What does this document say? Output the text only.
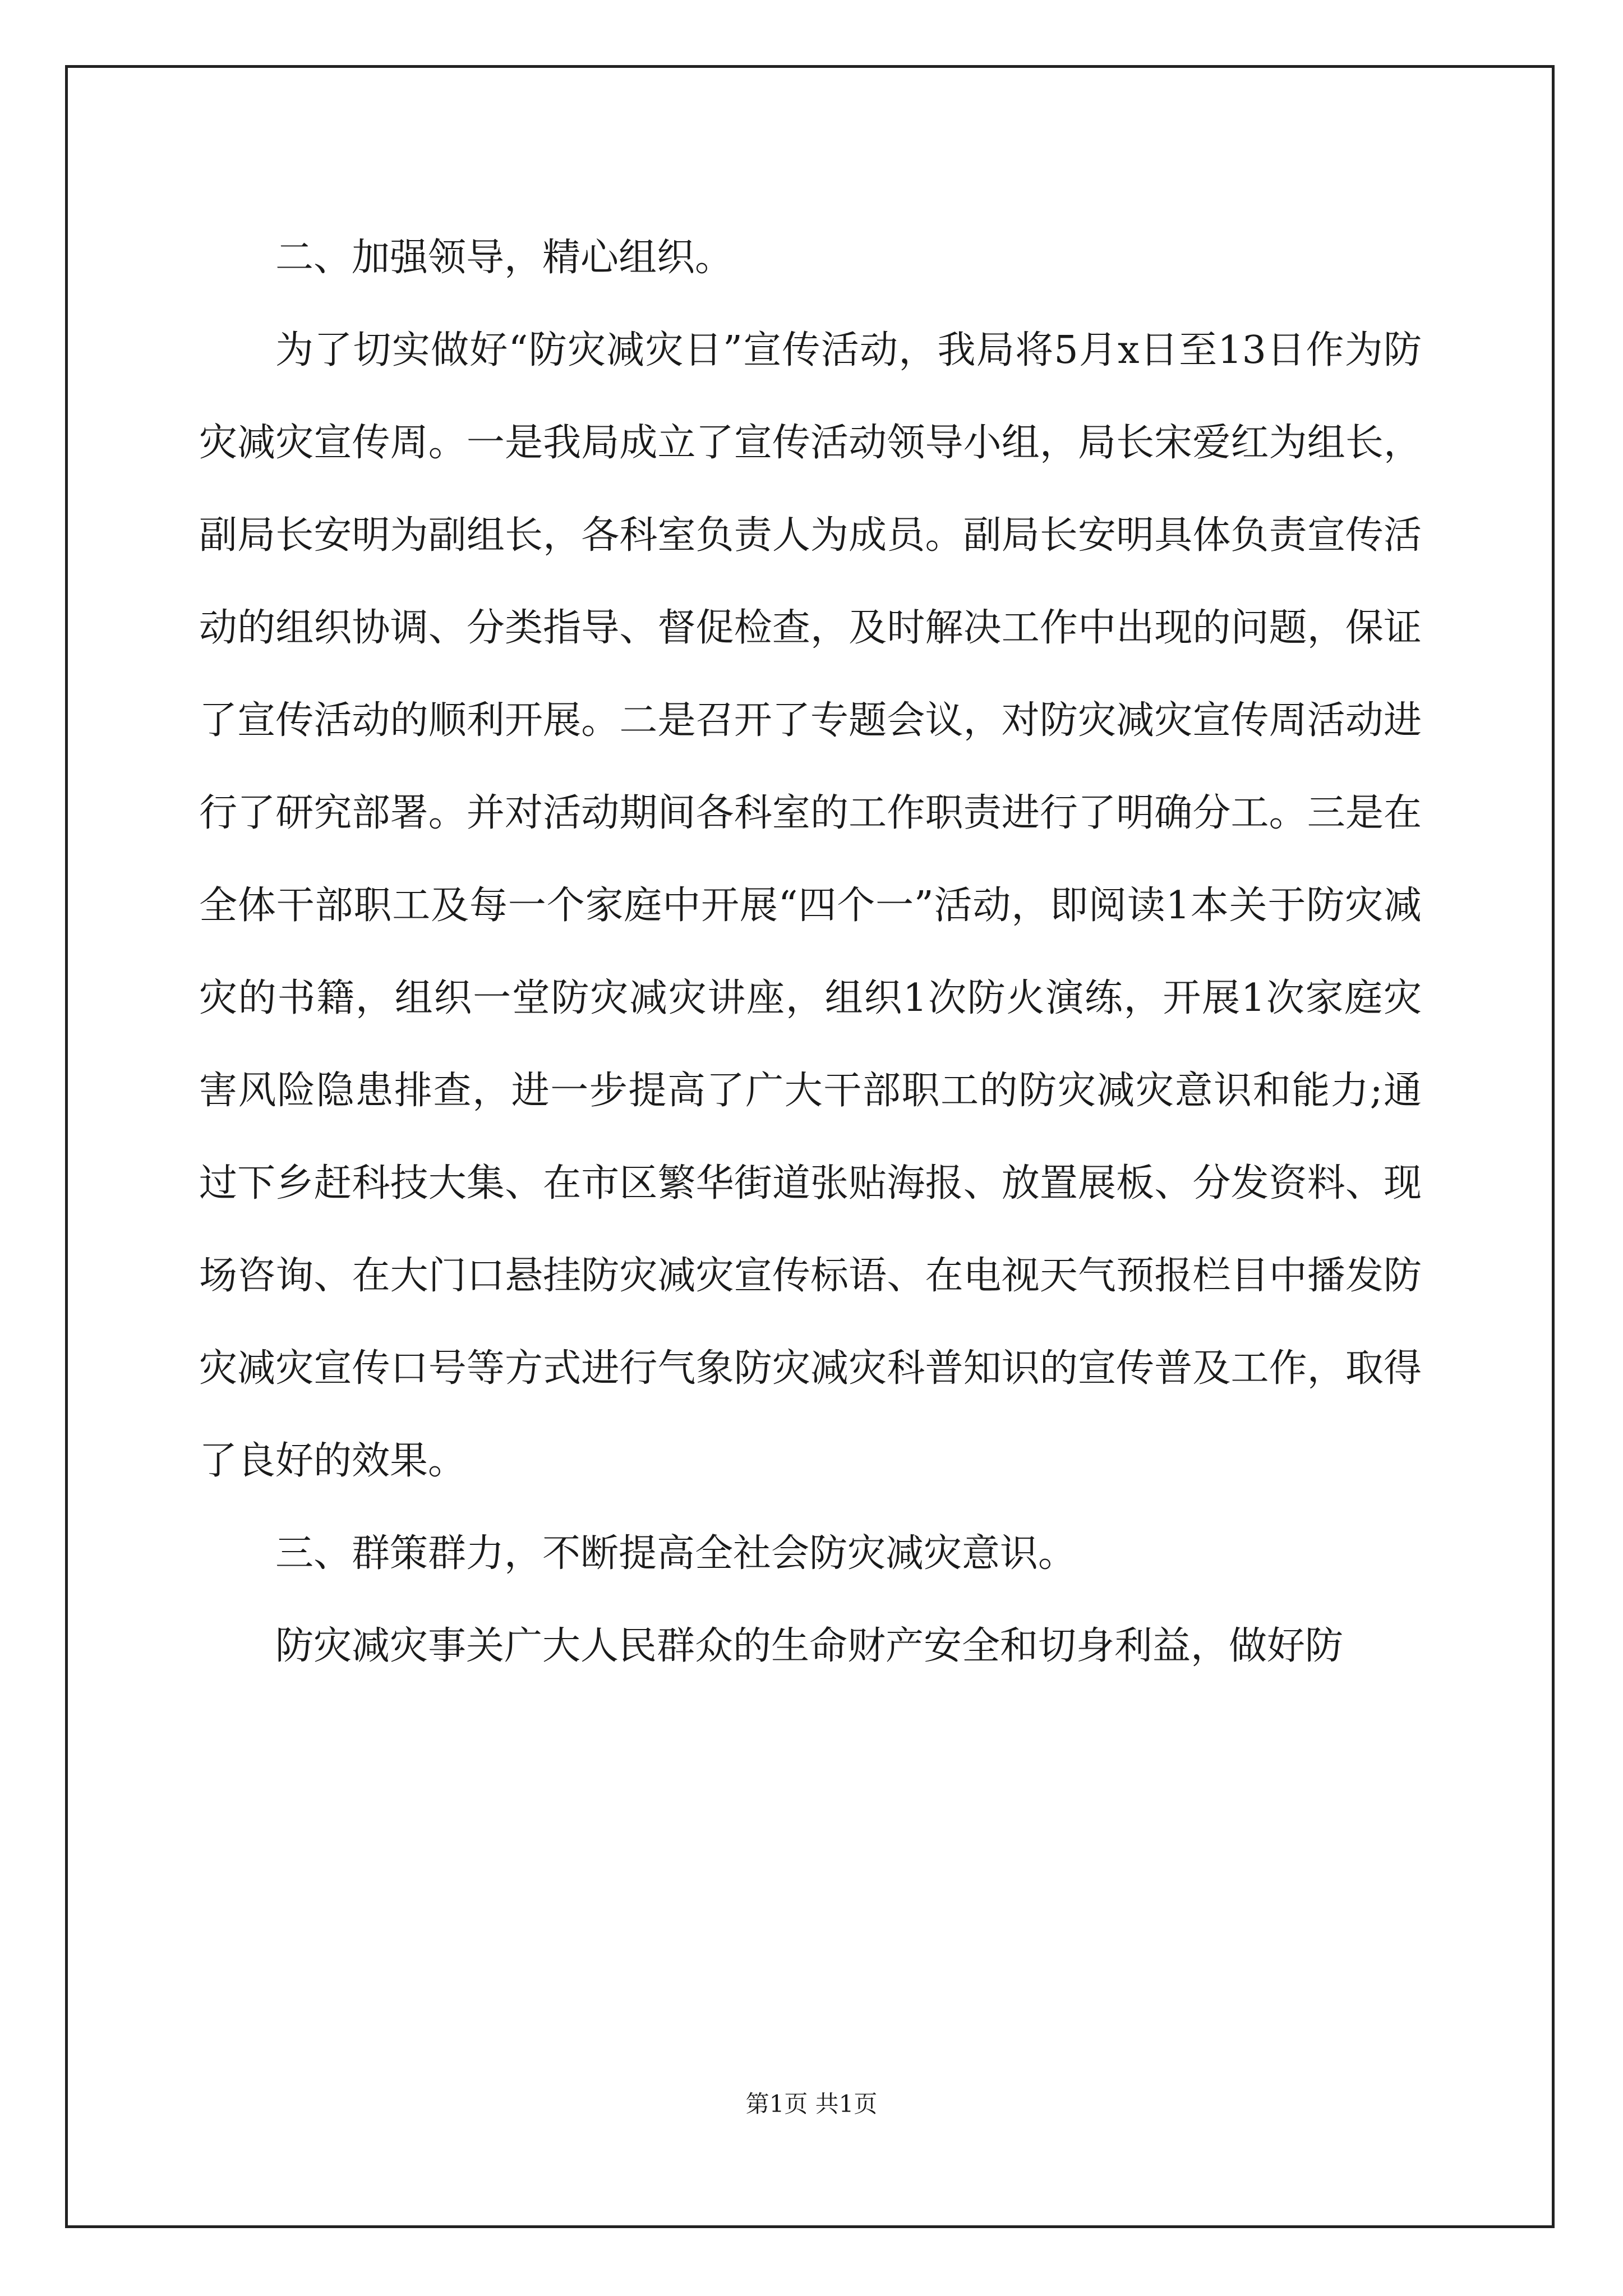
二、加强领导，精心组织。

为了切实做好“防灾减灾日”宣传活动，我局将5月x日至13日作为防灾减灾宣传周。一是我局成立了宣传活动领导小组，局长宋爱红为组长，副局长安明为副组长，各科室负责人为成员。副局长安明具体负责宣传活动的组织协调、分类指导、督促检查，及时解决工作中出现的问题，保证了宣传活动的顺利开展。二是召开了专题会议，对防灾减灾宣传周活动进行了研究部署。并对活动期间各科室的工作职责进行了明确分工。三是在全体干部职工及每一个家庭中开展“四个一”活动，即阅读1本关于防灾减灾的书籍，组织一堂防灾减灾讲座，组织1次防火演练，开展1次家庭灾害风险隐患排查，进一步提高了广大干部职工的防灾减灾意识和能力;通过下乡赶科技大集、在市区繁华街道张贴海报、放置展板、分发资料、现场咨询、在大门口悬挂防灾减灾宣传标语、在电视天气预报栏目中播发防灾减灾宣传口号等方式进行气象防灾减灾科普知识的宣传普及工作，取得了良好的效果。

三、群策群力，不断提高全社会防灾减灾意识。

防灾减灾事关广大人民群众的生命财产安全和切身利益，做好防

第1页 共1页
